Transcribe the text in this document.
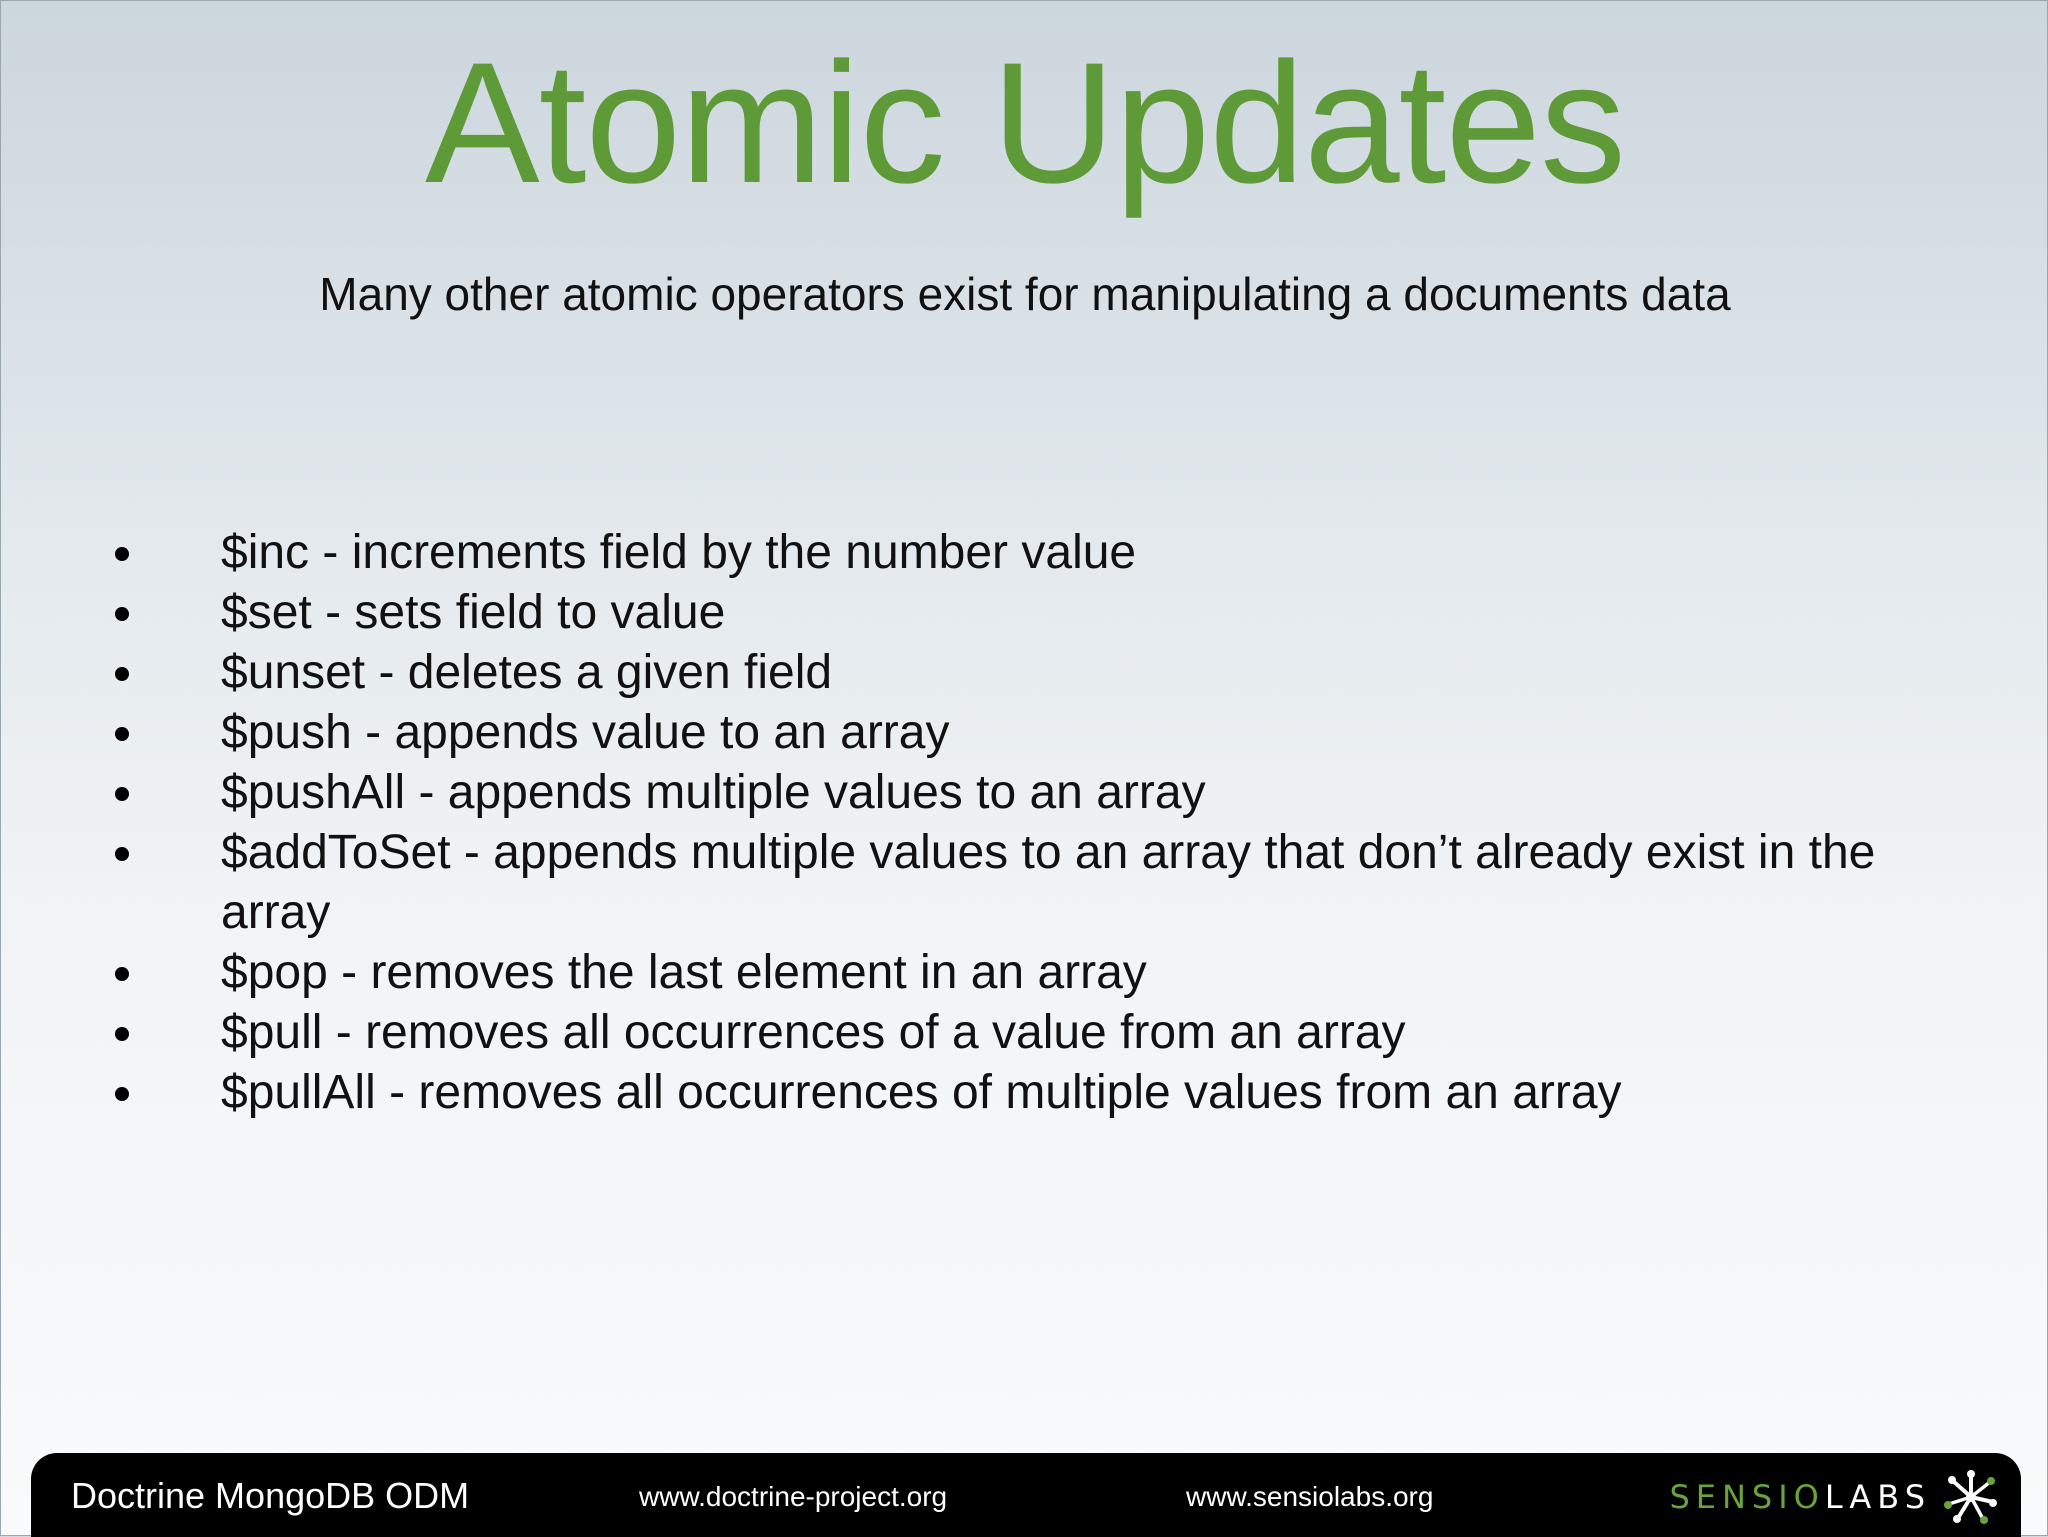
Atomic Updates
Many other atomic operators exist for manipulating a documents data
$inc - increments field by the number value
$set - sets field to value
$unset - deletes a given field
$push - appends value to an array
$pushAll - appends multiple values to an array
$addToSet - appends multiple values to an array that don’t already exist in the array
$pop - removes the last element in an array
$pull - removes all occurrences of a value from an array
$pullAll - removes all occurrences of multiple values from an array
Doctrine MongoDB ODM	www.doctrine-project.org	www.sensiolabs.org	SENSIOLABS
